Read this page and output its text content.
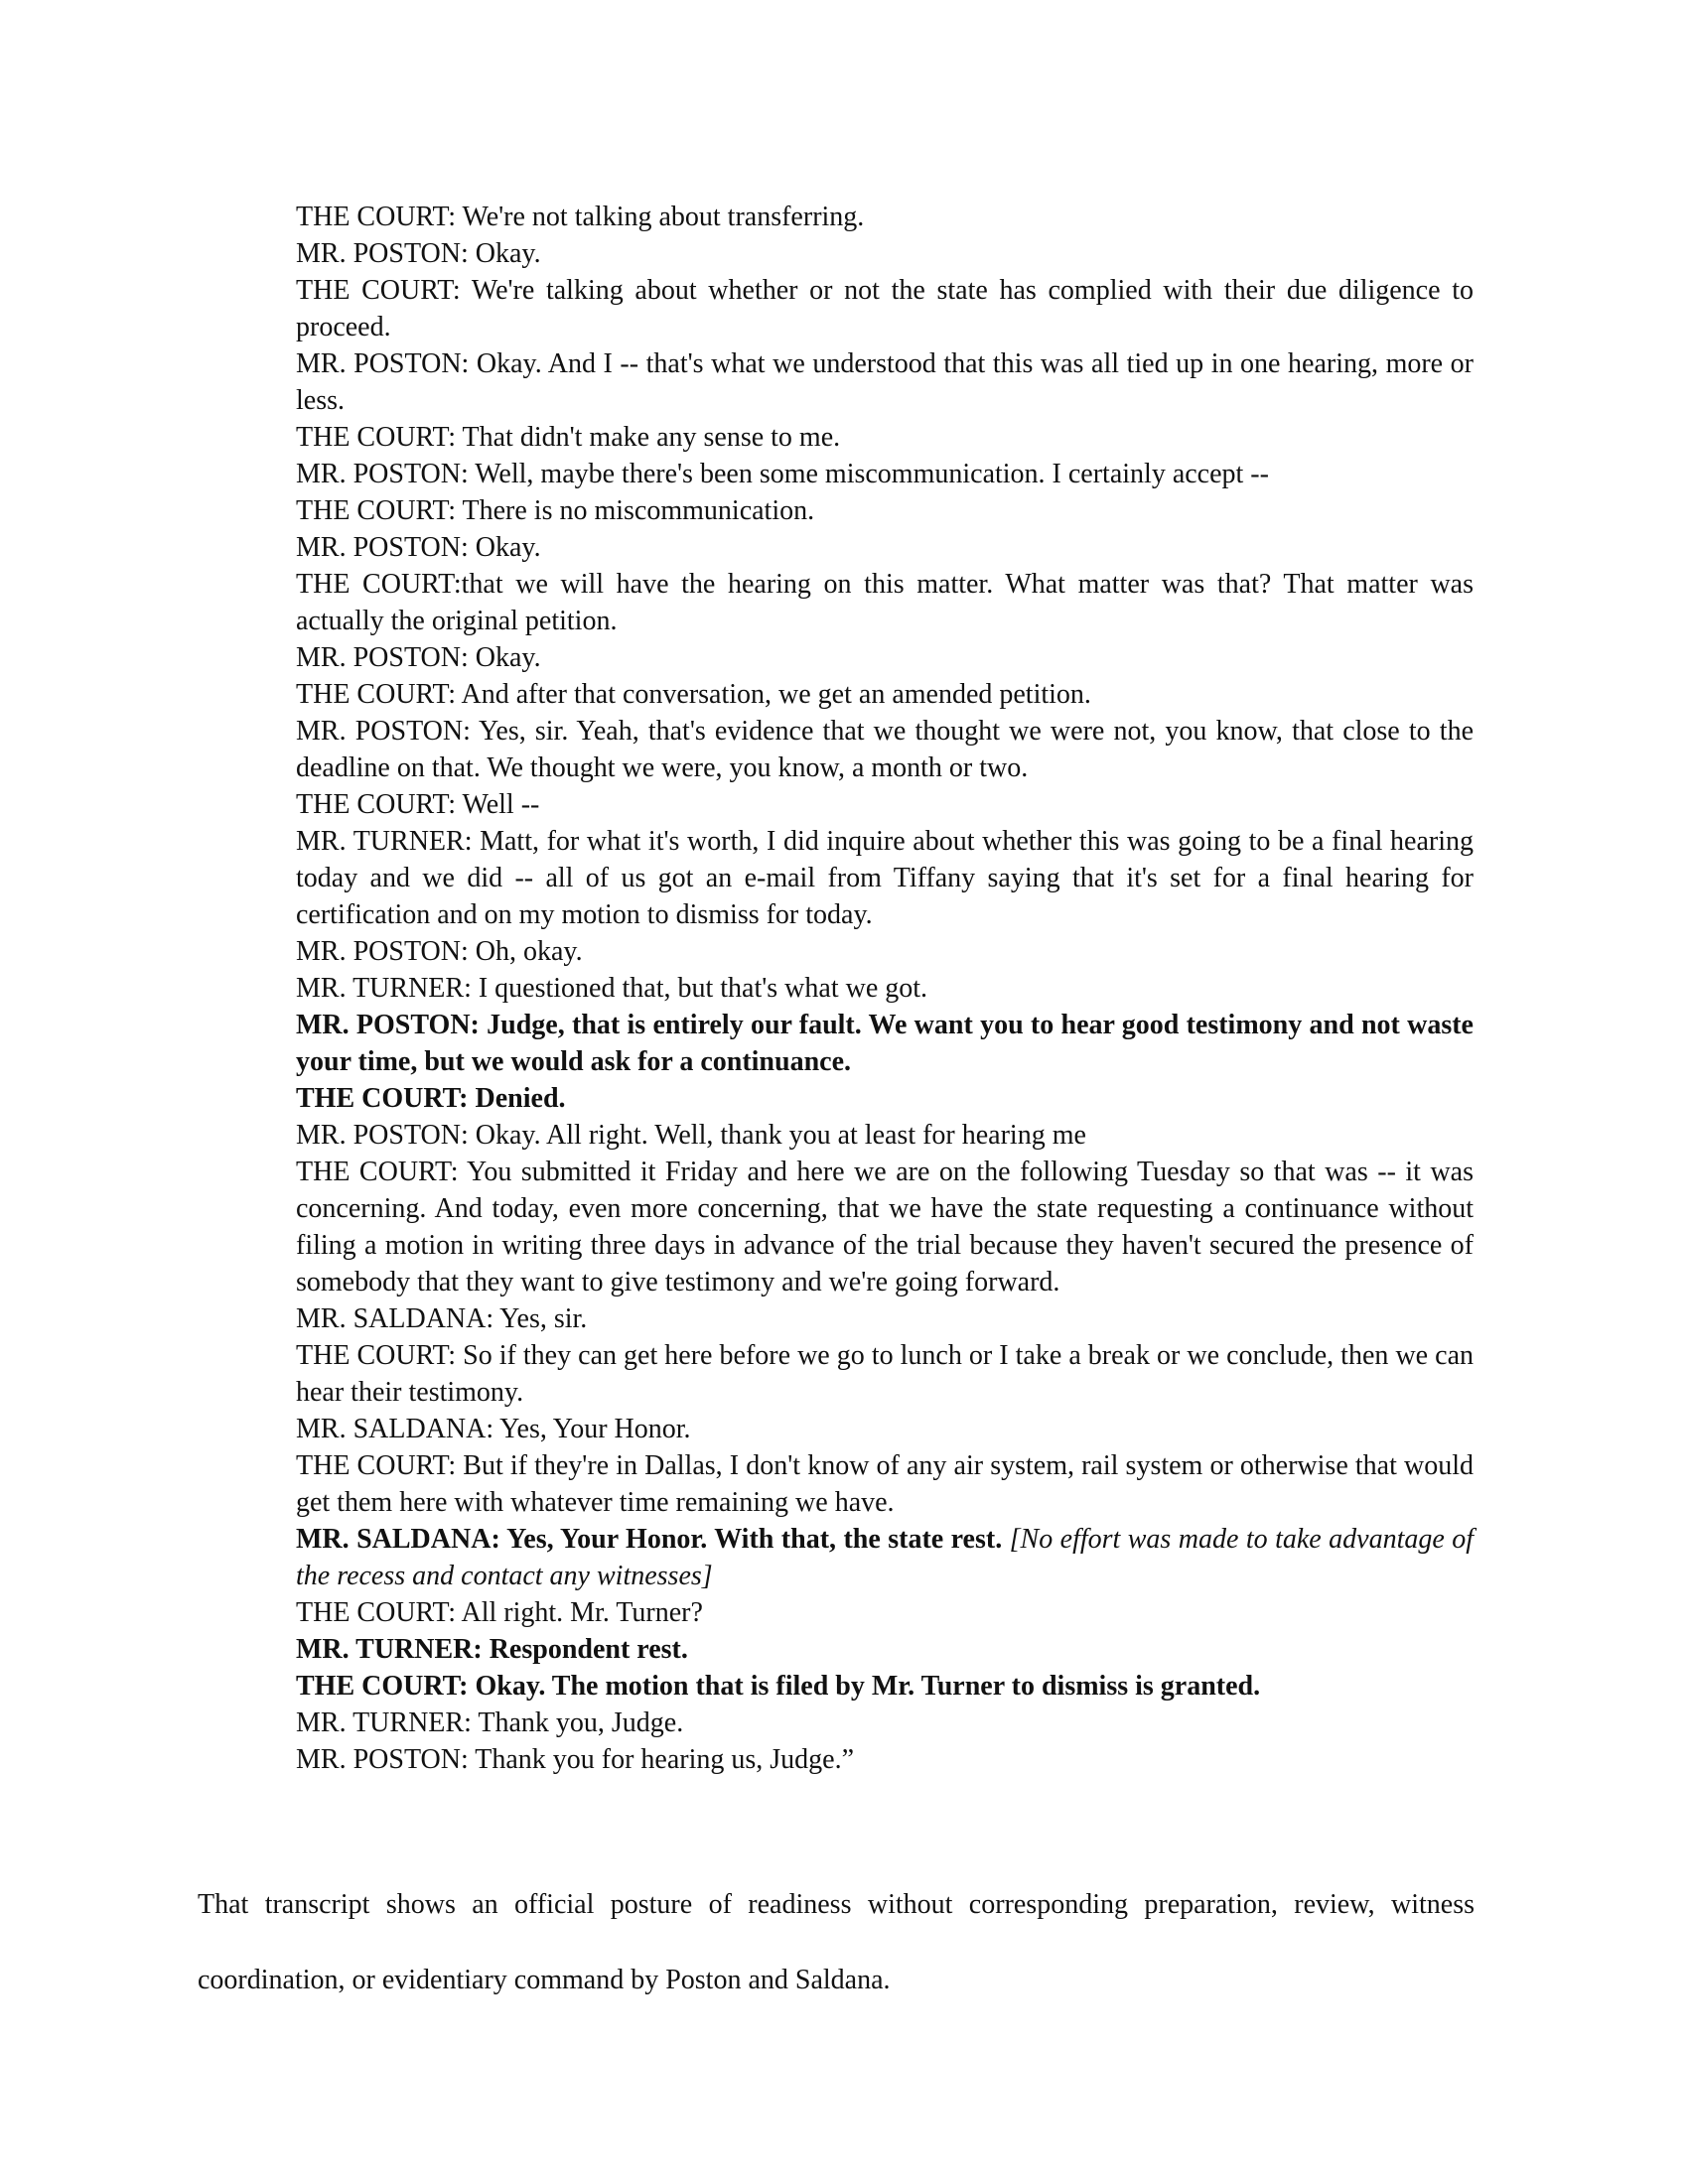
THE COURT: We're not talking about transferring.

MR. POSTON: Okay.

THE COURT: We're talking about whether or not the state has complied with their due diligence to proceed.

MR. POSTON: Okay. And I -- that's what we understood that this was all tied up in one hearing, more or less.

THE COURT: That didn't make any sense to me.

MR. POSTON: Well, maybe there's been some miscommunication. I certainly accept --

THE COURT: There is no miscommunication.

MR. POSTON: Okay.

THE COURT:that we will have the hearing on this matter. What matter was that? That matter was actually the original petition.

MR. POSTON: Okay.

THE COURT: And after that conversation, we get an amended petition.

MR. POSTON: Yes, sir. Yeah, that's evidence that we thought we were not, you know, that close to the deadline on that. We thought we were, you know, a month or two.

THE COURT: Well --

MR. TURNER: Matt, for what it's worth, I did inquire about whether this was going to be a final hearing today and we did -- all of us got an e-mail from Tiffany saying that it's set for a final hearing for certification and on my motion to dismiss for today.

MR. POSTON: Oh, okay.

MR. TURNER: I questioned that, but that's what we got.

MR. POSTON: Judge, that is entirely our fault. We want you to hear good testimony and not waste your time, but we would ask for a continuance.

THE COURT: Denied.

MR. POSTON: Okay. All right. Well, thank you at least for hearing me

THE COURT: You submitted it Friday and here we are on the following Tuesday so that was -- it was concerning. And today, even more concerning, that we have the state requesting a continuance without filing a motion in writing three days in advance of the trial because they haven't secured the presence of somebody that they want to give testimony and we're going forward.

MR. SALDANA: Yes, sir.

THE COURT: So if they can get here before we go to lunch or I take a break or we conclude, then we can hear their testimony.

MR. SALDANA: Yes, Your Honor.

THE COURT: But if they're in Dallas, I don't know of any air system, rail system or otherwise that would get them here with whatever time remaining we have.

MR. SALDANA: Yes, Your Honor. With that, the state rest. [No effort was made to take advantage of the recess and contact any witnesses]

THE COURT: All right. Mr. Turner?

MR. TURNER: Respondent rest.

THE COURT: Okay. The motion that is filed by Mr. Turner to dismiss is granted.

MR. TURNER: Thank you, Judge.

MR. POSTON: Thank you for hearing us, Judge.”

That transcript shows an official posture of readiness without corresponding preparation, review, witness coordination, or evidentiary command by Poston and Saldana.
